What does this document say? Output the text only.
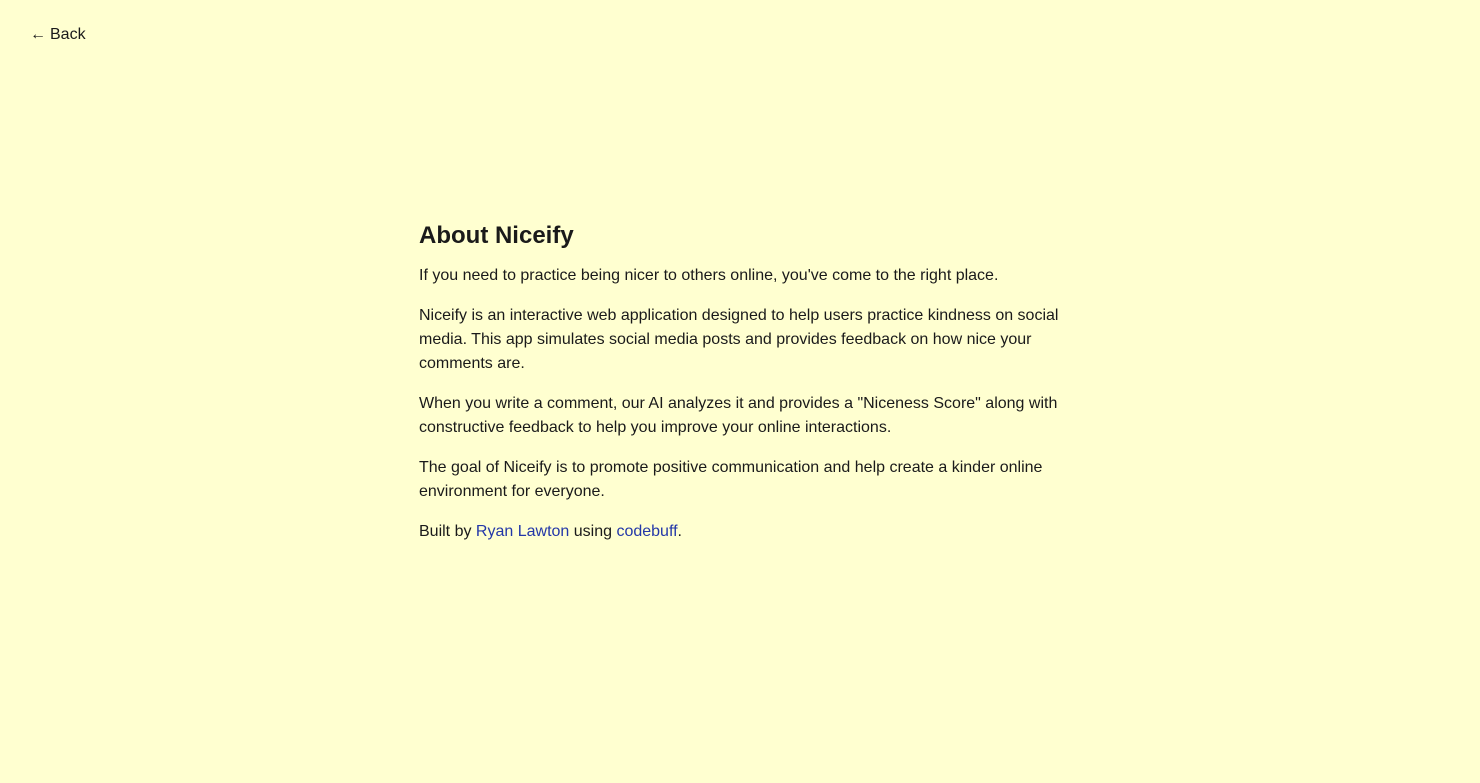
← Back
About Niceify

If you need to practice being nicer to others online, you've come to the right place.

Niceify is an interactive web application designed to help users practice kindness on social media. This app simulates social media posts and provides feedback on how nice your comments are.

When you write a comment, our AI analyzes it and provides a "Niceness Score" along with constructive feedback to help you improve your online interactions.

The goal of Niceify is to promote positive communication and help create a kinder online environment for everyone.

Built by Ryan Lawton using codebuff.
